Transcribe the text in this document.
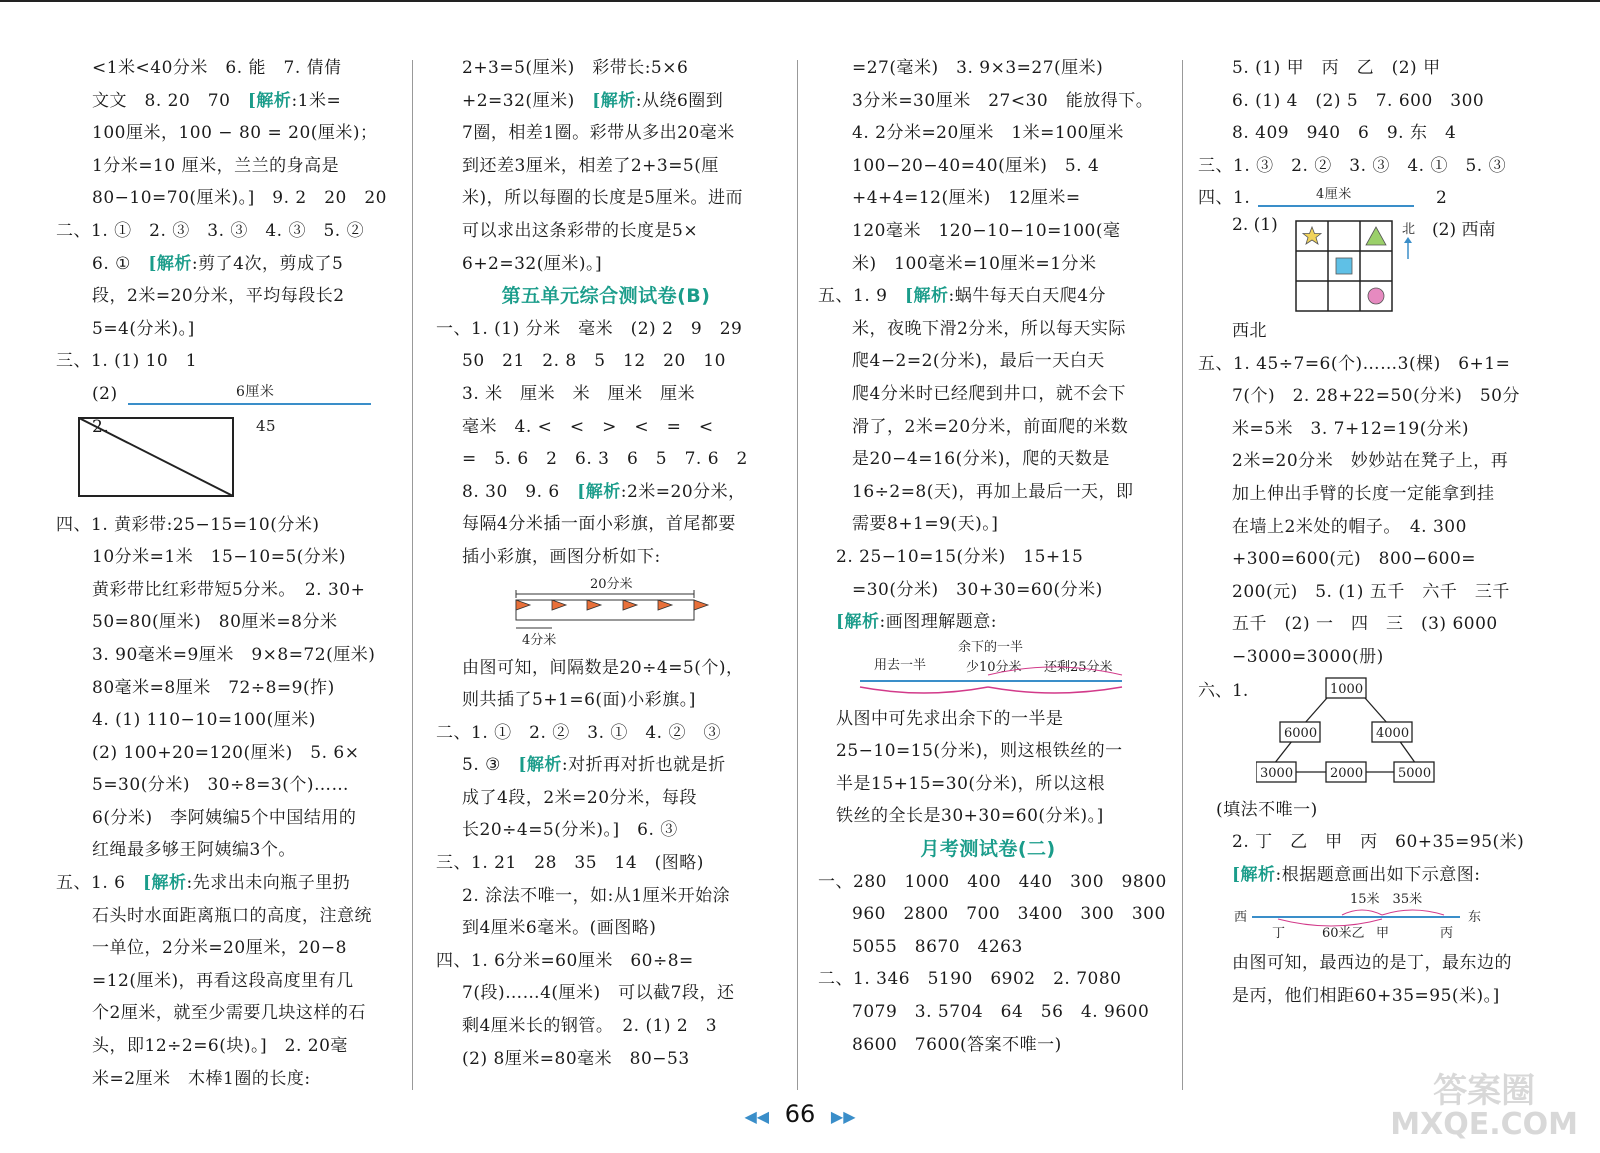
<1米<40分米　6. 能　7. 倩倩
文文　8. 20　70　[解析:1米=
100厘米，100 − 80 = 20(厘米)；
1分米=10 厘米，兰兰的身高是
80−10=70(厘米)。]　9. 2　20　20
二、1. ①　2. ③　3. ③　4. ③　5. ②
6. ①　[解析:剪了4次，剪成了5
段，2米=20分米，平均每段长2
5=4(分米)。]
三、1. (1) 10　1
(2)	6厘米
2.	45
四、1. 黄彩带:25−15=10(分米)
10分米=1米　15−10=5(分米)
黄彩带比红彩带短5分米。　2. 30+
50=80(厘米)　80厘米=8分米
3. 90毫米=9厘米　9×8=72(厘米)
80毫米=8厘米　72÷8=9(拃)
4. (1) 110−10=100(厘米)
(2) 100+20=120(厘米)　5. 6×
5=30(分米)　30÷8=3(个)……
6(分米)　李阿姨编5个中国结用的
红绳最多够王阿姨编3个。
五、1. 6　[解析:先求出未向瓶子里扔
石头时水面距离瓶口的高度，注意统
一单位，2分米=20厘米，20−8
=12(厘米)，再看这段高度里有几
个2厘米，就至少需要几块这样的石
头，即12÷2=6(块)。]　2. 20毫
米=2厘米　木棒1圈的长度:
2+3=5(厘米)　彩带长:5×6
+2=32(厘米)　[解析:从绕6圈到
7圈，相差1圈。彩带从多出20毫米
到还差3厘米，相差了2+3=5(厘
米)，所以每圈的长度是5厘米。进而
可以求出这条彩带的长度是5×
6+2=32(厘米)。]
第五单元综合测试卷(B)
一、1. (1) 分米　毫米　(2) 2　9　29
50　21　2. 8　5　12　20　10
3. 米　厘米　米　厘米　厘米
毫米　4. <　<　>　<　=　<
=　5. 6　2　6. 3　6　5　7. 6　2
8. 30　9. 6　[解析:2米=20分米，
每隔4分米插一面小彩旗，首尾都要
插小彩旗，画图分析如下:
20分米
4分米
由图可知，间隔数是20÷4=5(个)，
则共插了5+1=6(面)小彩旗。]
二、1. ①　2. ②　3. ①　4. ②　③
5. ③　[解析:对折再对折也就是折
成了4段，2米=20分米，每段
长20÷4=5(分米)。]　6. ③
三、1. 21　28　35　14　(图略)
2. 涂法不唯一，如:从1厘米开始涂
到4厘米6毫米。(画图略)
四、1. 6分米=60厘米　60÷8=
7(段)……4(厘米)　可以截7段，还
剩4厘米长的钢管。　2. (1) 2　3
(2) 8厘米=80毫米　80−53
=27(毫米)　3. 9×3=27(厘米)
3分米=30厘米　27<30　能放得下。
4. 2分米=20厘米　1米=100厘米
100−20−40=40(厘米)　5. 4
+4+4=12(厘米)　12厘米=
120毫米　120−10−10=100(毫
米)　100毫米=10厘米=1分米
五、1. 9　[解析:蜗牛每天白天爬4分
米，夜晚下滑2分米，所以每天实际
爬4−2=2(分米)，最后一天白天
爬4分米时已经爬到井口，就不会下
滑了，2米=20分米，前面爬的米数
是20−4=16(分米)，爬的天数是
16÷2=8(天)，再加上最后一天，即
需要8+1=9(天)。]
2. 25−10=15(分米)　15+15
=30(分米)　30+30=60(分米)
[解析:画图理解题意:
余下的一半
用去一半	少10分米 还剩25分米
从图中可先求出余下的一半是
25−10=15(分米)，则这根铁丝的一
半是15+15=30(分米)，所以这根
铁丝的全长是30+30=60(分米)。]
月考测试卷(二)
一、280　1000　400　440　300　9800
960　2800　700　3400　300　300
5055　8670　4263
二、1. 346　5190　6902　2. 7080
7079　3. 5704　64　56　4. 9600
8600　7600(答案不唯一)
5. (1) 甲　丙　乙　(2) 甲
6. (1) 4　(2) 5　7. 600　300
8. 409　940　6　9. 东　4
三、1. ③　2. ②　3. ③　4. ①　5. ③
四、1.	4厘米	2
2. (1)	北 (2) 西南
西北
五、1. 45÷7=6(个)……3(棵)　6+1=
7(个)　2. 28+22=50(分米)　50分
米=5米　3. 7+12=19(分米)
2米=20分米　妙妙站在凳子上，再
加上伸出手臂的长度一定能拿到挂
在墙上2米处的帽子。　4. 300
+300=600(元)　800−600=
200(元)　5. (1) 五千　六千　三千
五千　(2) 一　四　三　(3) 6000
−3000=3000(册)
六、1.	1000
6000	4000
3000	2000	5000
(填法不唯一)
2. 丁　乙　甲　丙　60+35=95(米)
[解析:根据题意画出如下示意图:
西	东
15米　35米
丁	60米乙 甲	丙
由图可知，最西边的是丁，最东边的
是丙，他们相距60+35=95(米)。]
◀◀ 66 ▶▶
答案圈
MXQE.COM
